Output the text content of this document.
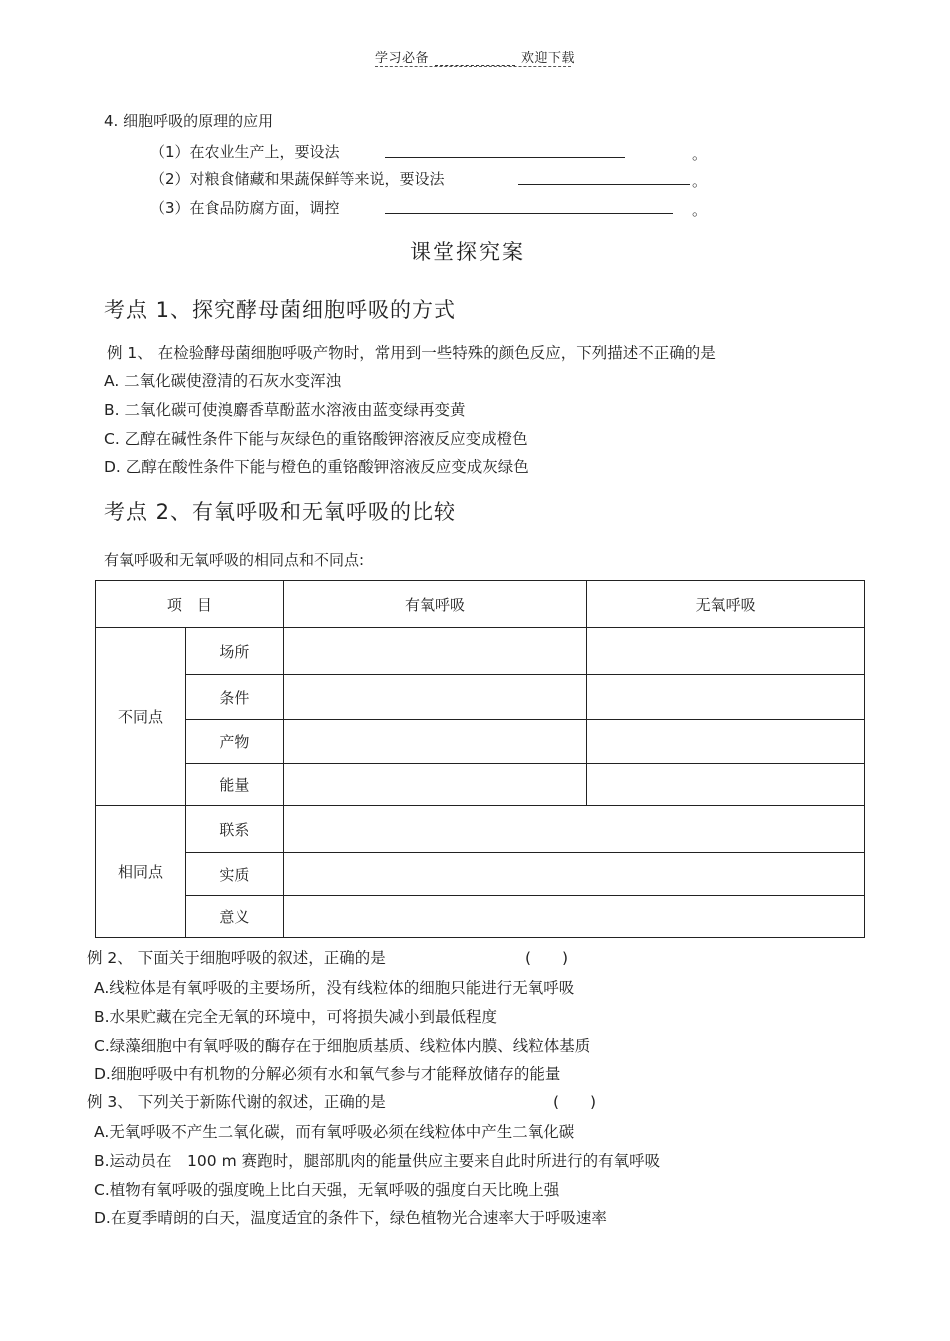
学习必备	欢迎下载
4. 细胞呼吸的原理的应用
（1）在农业生产上，要设法	。
（2）对粮食储藏和果蔬保鲜等来说，要设法	。
（3）在食品防腐方面，调控	。
课堂探究案
考点 1、探究酵母菌细胞呼吸的方式
例 1、 在检验酵母菌细胞呼吸产物时，常用到一些特殊的颜色反应，下列描述不正确的是
A. 二氧化碳使澄清的石灰水变浑浊
B. 二氧化碳可使溴麝香草酚蓝水溶液由蓝变绿再变黄
C. 乙醇在碱性条件下能与灰绿色的重铬酸钾溶液反应变成橙色
D. 乙醇在酸性条件下能与橙色的重铬酸钾溶液反应变成灰绿色
考点 2、有氧呼吸和无氧呼吸的比较
有氧呼吸和无氧呼吸的相同点和不同点:
项　目		有氧呼吸	无氧呼吸
不同点	场所		
	条件		
	产物		
	能量		
相同点	联系		
	实质		
	意义		
例 2、 下面关于细胞呼吸的叙述，正确的是	(　　)
A.线粒体是有氧呼吸的主要场所，没有线粒体的细胞只能进行无氧呼吸
B.水果贮藏在完全无氧的环境中，可将损失减小到最低程度
C.绿藻细胞中有氧呼吸的酶存在于细胞质基质、线粒体内膜、线粒体基质
D.细胞呼吸中有机物的分解必须有水和氧气参与才能释放储存的能量
例 3、 下列关于新陈代谢的叙述，正确的是	(　　)
A.无氧呼吸不产生二氧化碳，而有氧呼吸必须在线粒体中产生二氧化碳
B.运动员在　100 m 赛跑时，腿部肌肉的能量供应主要来自此时所进行的有氧呼吸
C.植物有氧呼吸的强度晚上比白天强，无氧呼吸的强度白天比晚上强
D.在夏季晴朗的白天，温度适宜的条件下，绿色植物光合速率大于呼吸速率
